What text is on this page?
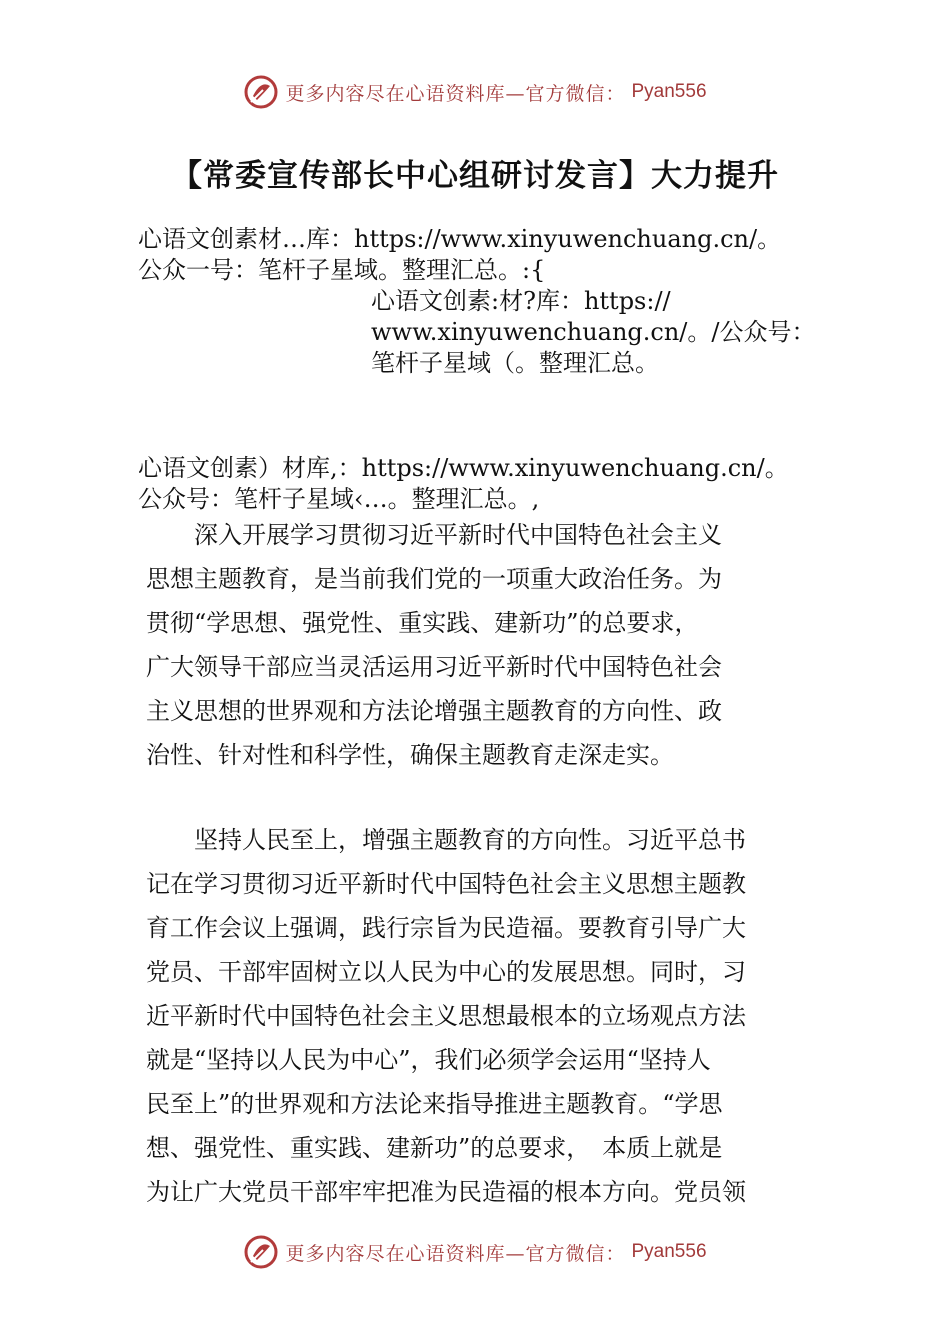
更多内容尽在心语资料库—官方微信： Pyan556
【常委宣传部长中心组研讨发言】大力提升
心语文创素材…库：https://www.xinyuwenchuang.cn/。
公众一号：笔杆子星域。整理汇总。:{
心语文创素:材?库：https://
www.xinyuwenchuang.cn/。/公众号：
笔杆子星域（。整理汇总。
心语文创素）材库,：https://www.xinyuwenchuang.cn/。
公众号：笔杆子星域‹…。整理汇总。,
　　深入开展学习贯彻习近平新时代中国特色社会主义
思想主题教育，是当前我们党的一项重大政治任务。为
贯彻“学思想、强党性、重实践、建新功”的总要求，
广大领导干部应当灵活运用习近平新时代中国特色社会
主义思想的世界观和方法论增强主题教育的方向性、政
治性、针对性和科学性，确保主题教育走深走实。
　　坚持人民至上，增强主题教育的方向性。习近平总书
记在学习贯彻习近平新时代中国特色社会主义思想主题教
育工作会议上强调，践行宗旨为民造福。要教育引导广大
党员、干部牢固树立以人民为中心的发展思想。同时，习
近平新时代中国特色社会主义思想最根本的立场观点方法
就是“坚持以人民为中心”，我们必须学会运用“坚持人
民至上”的世界观和方法论来指导推进主题教育。“学思
想、强党性、重实践、建新功”的总要求，　本质上就是
为让广大党员干部牢牢把准为民造福的根本方向。党员领
更多内容尽在心语资料库—官方微信： Pyan556
